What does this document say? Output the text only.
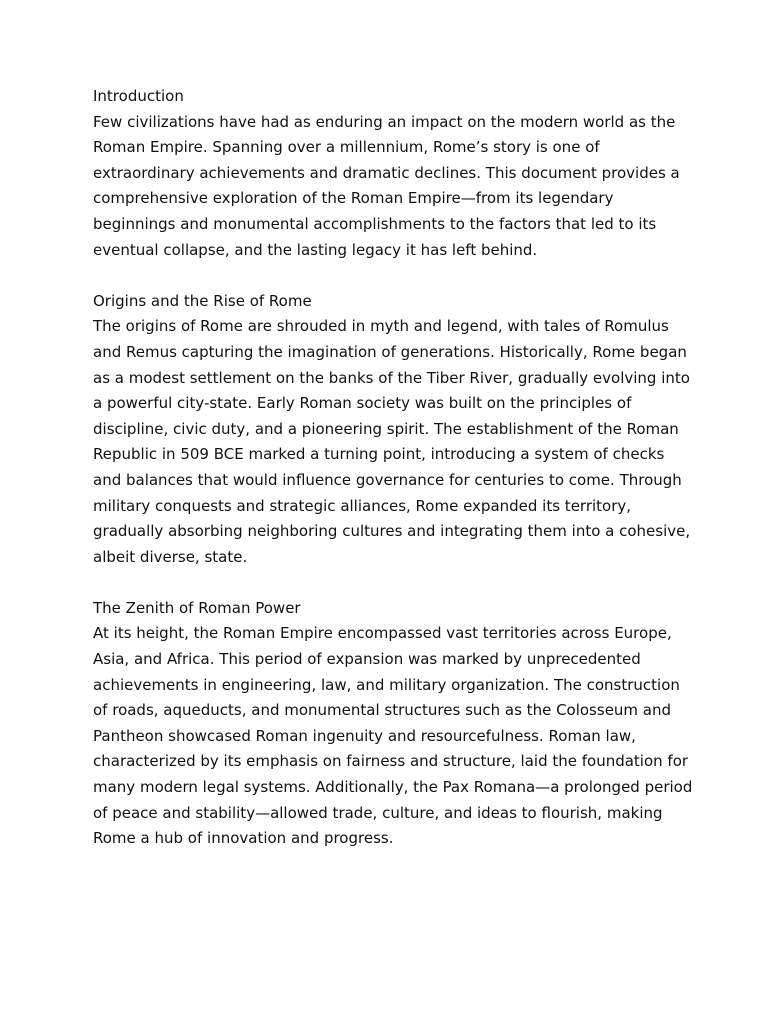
Introduction

Few civilizations have had as enduring an impact on the modern world as the Roman Empire. Spanning over a millennium, Rome’s story is one of extraordinary achievements and dramatic declines. This document provides a comprehensive exploration of the Roman Empire—from its legendary beginnings and monumental accomplishments to the factors that led to its eventual collapse, and the lasting legacy it has left behind.

Origins and the Rise of Rome

The origins of Rome are shrouded in myth and legend, with tales of Romulus and Remus capturing the imagination of generations. Historically, Rome began as a modest settlement on the banks of the Tiber River, gradually evolving into a powerful city-state. Early Roman society was built on the principles of discipline, civic duty, and a pioneering spirit. The establishment of the Roman Republic in 509 BCE marked a turning point, introducing a system of checks and balances that would influence governance for centuries to come. Through military conquests and strategic alliances, Rome expanded its territory, gradually absorbing neighboring cultures and integrating them into a cohesive, albeit diverse, state.

The Zenith of Roman Power

At its height, the Roman Empire encompassed vast territories across Europe, Asia, and Africa. This period of expansion was marked by unprecedented achievements in engineering, law, and military organization. The construction of roads, aqueducts, and monumental structures such as the Colosseum and Pantheon showcased Roman ingenuity and resourcefulness. Roman law, characterized by its emphasis on fairness and structure, laid the foundation for many modern legal systems. Additionally, the Pax Romana—a prolonged period of peace and stability—allowed trade, culture, and ideas to flourish, making Rome a hub of innovation and progress.
